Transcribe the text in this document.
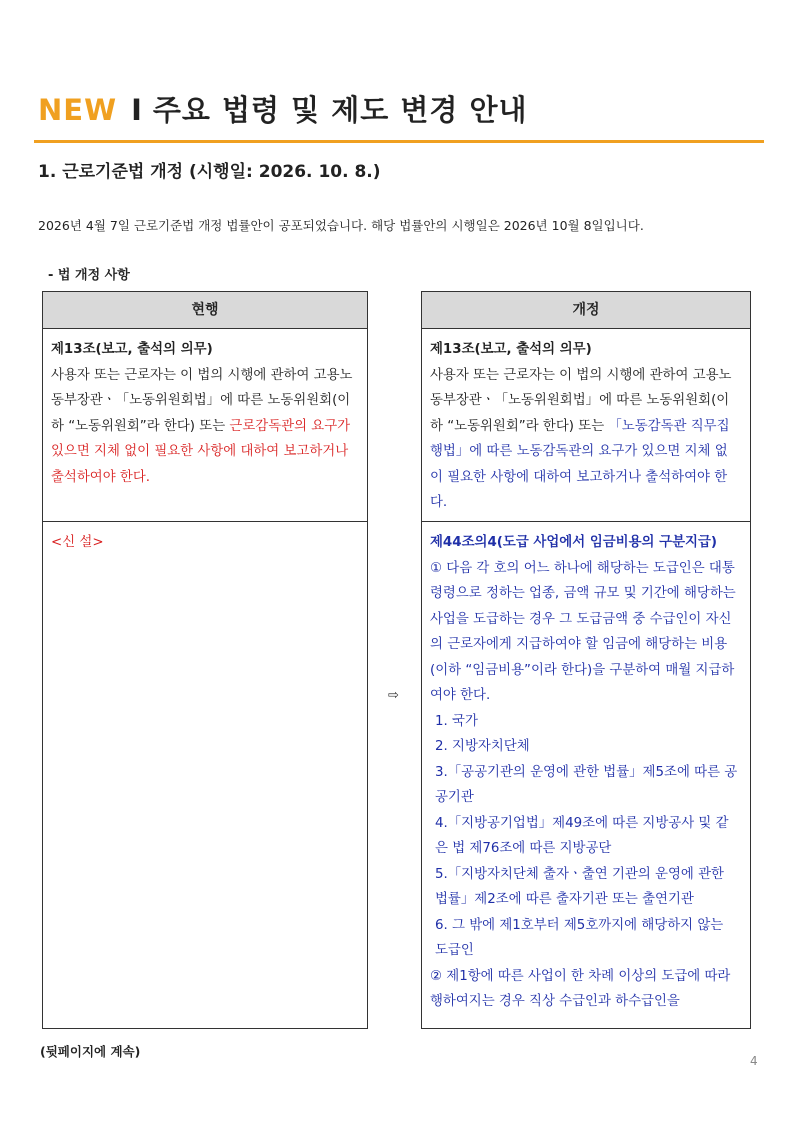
NEW I 주요 법령 및 제도 변경 안내
1. 근로기준법 개정 (시행일: 2026. 10. 8.)
2026년 4월 7일 근로기준법 개정 법률안이 공포되었습니다. 해당 법률안의 시행일은 2026년 10월 8일입니다.
- 법 개정 사항
현행
제13조(보고, 출석의 의무)
사용자 또는 근로자는 이 법의 시행에 관하여 고용노동부장관ㆍ「노동위원회법」에 따른 노동위원회(이하 “노동위원회”라 한다) 또는 근로감독관의 요구가 있으면 지체 없이 필요한 사항에 대하여 보고하거나 출석하여야 한다.
<신 설>
⇨
개정
제13조(보고, 출석의 의무)
사용자 또는 근로자는 이 법의 시행에 관하여 고용노동부장관ㆍ「노동위원회법」에 따른 노동위원회(이하 “노동위원회”라 한다) 또는 「노동감독관 직무집행법」에 따른 노동감독관의 요구가 있으면 지체 없이 필요한 사항에 대하여 보고하거나 출석하여야 한다.
제44조의4(도급 사업에서 임금비용의 구분지급)
① 다음 각 호의 어느 하나에 해당하는 도급인은 대통령령으로 정하는 업종, 금액 규모 및 기간에 해당하는 사업을 도급하는 경우 그 도급금액 중 수급인이 자신의 근로자에게 지급하여야 할 임금에 해당하는 비용(이하 “임금비용”이라 한다)을 구분하여 매월 지급하여야 한다.
1. 국가
2. 지방자치단체
3.「공공기관의 운영에 관한 법률」제5조에 따른 공공기관
4.「지방공기업법」제49조에 따른 지방공사 및 같은 법 제76조에 따른 지방공단
5.「지방자치단체 출자ㆍ출연 기관의 운영에 관한 법률」제2조에 따른 출자기관 또는 출연기관
6. 그 밖에 제1호부터 제5호까지에 해당하지 않는 도급인
② 제1항에 따른 사업이 한 차례 이상의 도급에 따라 행하여지는 경우 직상 수급인과 하수급인을
(뒷페이지에 계속)
4
